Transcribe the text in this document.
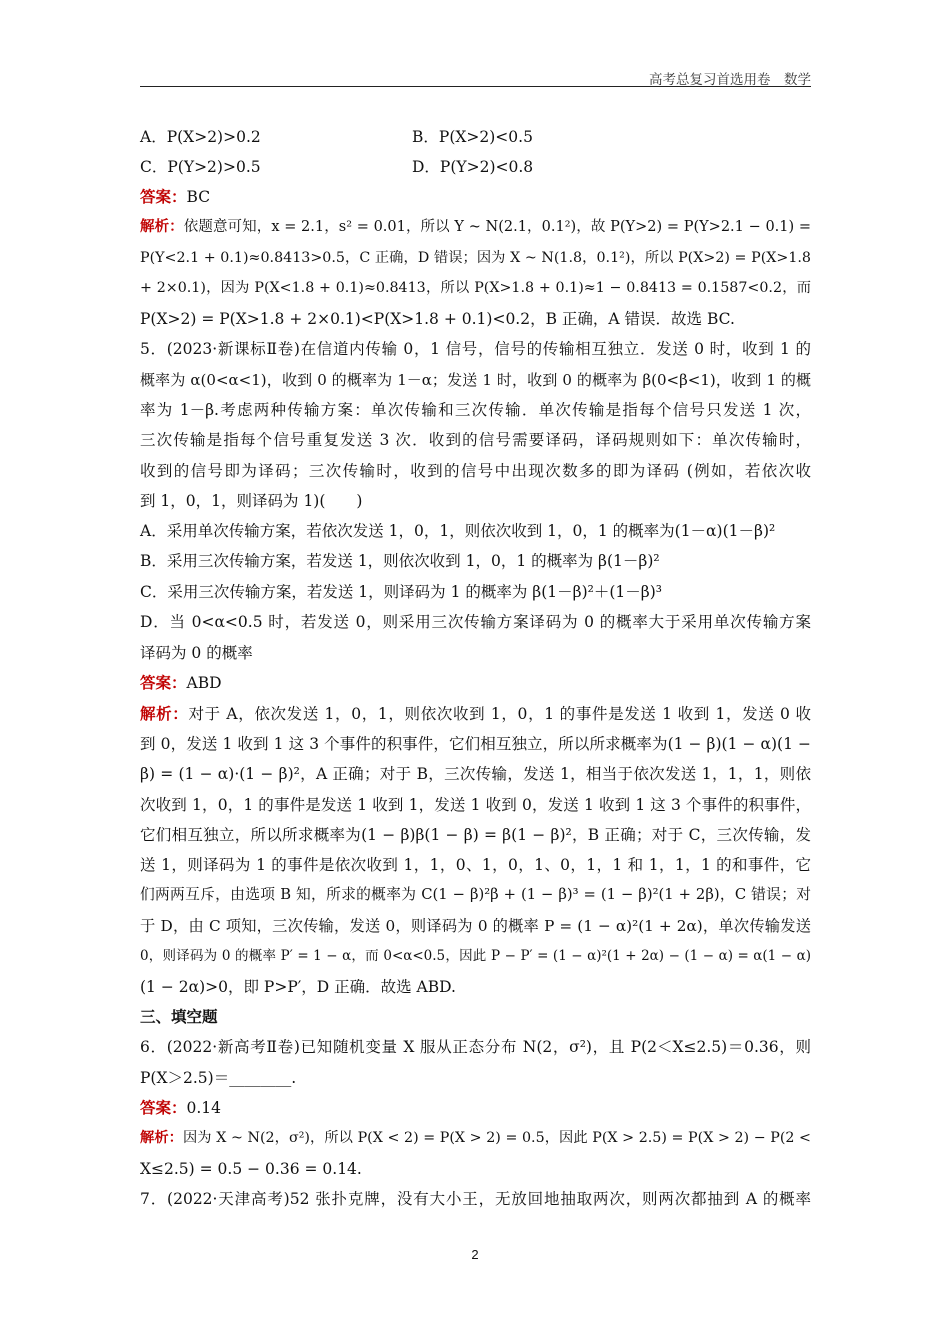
高考总复习首选用卷　数学
A．P(X>2)>0.2	B．P(X>2)<0.5
C．P(Y>2)>0.5	D．P(Y>2)<0.8
答案：BC
解析：依题意可知，x = 2.1，s² = 0.01，所以 Y ~ N(2.1，0.1²)，故 P(Y>2) = P(Y>2.1 − 0.1) =
P(Y<2.1 + 0.1)≈0.8413>0.5，C 正确，D 错误；因为 X ~ N(1.8，0.1²)，所以 P(X>2) = P(X>1.8
+ 2×0.1)，因为 P(X<1.8 + 0.1)≈0.8413，所以 P(X>1.8 + 0.1)≈1 − 0.8413 = 0.1587<0.2，而
P(X>2) = P(X>1.8 + 2×0.1)<P(X>1.8 + 0.1)<0.2，B 正确，A 错误．故选 BC.
5．(2023·新课标Ⅱ卷)在信道内传输 0，1 信号，信号的传输相互独立．发送 0 时，收到 1 的
概率为 α(0<α<1)，收到 0 的概率为 1－α；发送 1 时，收到 0 的概率为 β(0<β<1)，收到 1 的概
率为 1－β.考虑两种传输方案：单次传输和三次传输．单次传输是指每个信号只发送 1 次，
三次传输是指每个信号重复发送 3 次．收到的信号需要译码，译码规则如下：单次传输时，
收到的信号即为译码；三次传输时，收到的信号中出现次数多的即为译码 (例如，若依次收
到 1，0，1，则译码为 1)(　　)
A．采用单次传输方案，若依次发送 1，0，1，则依次收到 1，0，1 的概率为(1－α)(1－β)²
B．采用三次传输方案，若发送 1，则依次收到 1，0，1 的概率为 β(1－β)²
C．采用三次传输方案，若发送 1，则译码为 1 的概率为 β(1－β)²＋(1－β)³
D．当 0<α<0.5 时，若发送 0，则采用三次传输方案译码为 0 的概率大于采用单次传输方案
译码为 0 的概率
答案：ABD
解析：对于 A，依次发送 1，0，1，则依次收到 1，0，1 的事件是发送 1 收到 1，发送 0 收
到 0，发送 1 收到 1 这 3 个事件的积事件，它们相互独立，所以所求概率为(1 − β)(1 − α)(1 −
β) = (1 − α)·(1 − β)²，A 正确；对于 B，三次传输，发送 1，相当于依次发送 1，1，1，则依
次收到 1，0，1 的事件是发送 1 收到 1，发送 1 收到 0，发送 1 收到 1 这 3 个事件的积事件，
它们相互独立，所以所求概率为(1 − β)β(1 − β) = β(1 − β)²，B 正确；对于 C，三次传输，发
送 1，则译码为 1 的事件是依次收到 1，1，0、1，0，1、0，1，1 和 1，1，1 的和事件，它
们两两互斥，由选项 B 知，所求的概率为 C(1 − β)²β + (1 − β)³ = (1 − β)²(1 + 2β)，C 错误；对
于 D，由 C 项知，三次传输，发送 0，则译码为 0 的概率 P = (1 − α)²(1 + 2α)，单次传输发送
0，则译码为 0 的概率 P′ = 1 − α，而 0<α<0.5，因此 P − P′ = (1 − α)²(1 + 2α) − (1 − α) = α(1 − α)
(1 − 2α)>0，即 P>P′，D 正确．故选 ABD.
三、填空题
6．(2022·新高考Ⅱ卷)已知随机变量 X 服从正态分布 N(2，σ²)，且 P(2＜X≤2.5)＝0.36，则
P(X＞2.5)＝________.
答案：0.14
解析：因为 X ~ N(2，σ²)，所以 P(X < 2) = P(X > 2) = 0.5，因此 P(X > 2.5) = P(X > 2) − P(2 <
X≤2.5) = 0.5 − 0.36 = 0.14.
7．(2022·天津高考)52 张扑克牌，没有大小王，无放回地抽取两次，则两次都抽到 A 的概率
2
